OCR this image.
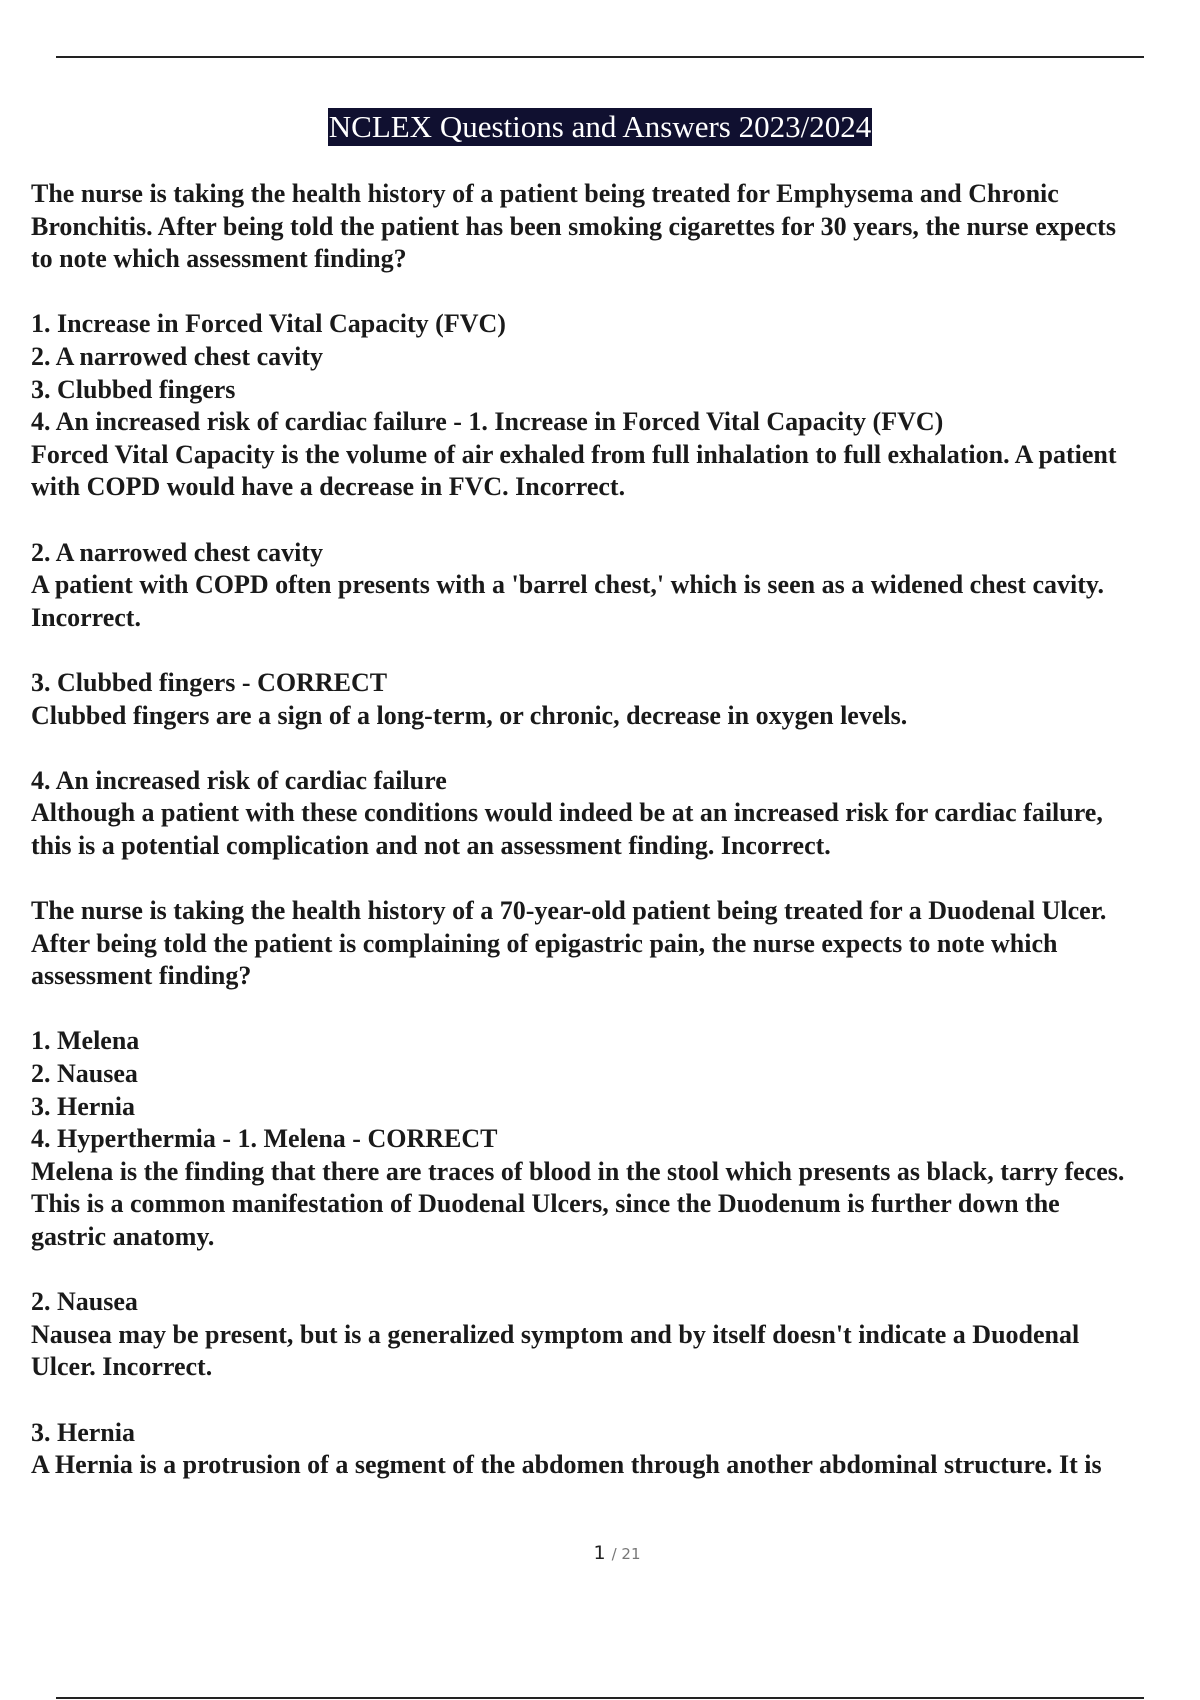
NCLEX Questions and Answers 2023/2024

The nurse is taking the health history of a patient being treated for Emphysema and Chronic

Bronchitis. After being told the patient has been smoking cigarettes for 30 years, the nurse expects

to note which assessment finding?

1. Increase in Forced Vital Capacity (FVC)

2. A narrowed chest cavity

3. Clubbed fingers

4. An increased risk of cardiac failure - 1. Increase in Forced Vital Capacity (FVC)

Forced Vital Capacity is the volume of air exhaled from full inhalation to full exhalation. A patient

with COPD would have a decrease in FVC. Incorrect.

2. A narrowed chest cavity

A patient with COPD often presents with a 'barrel chest,' which is seen as a widened chest cavity.

Incorrect.

3. Clubbed fingers - CORRECT

Clubbed fingers are a sign of a long-term, or chronic, decrease in oxygen levels.

4. An increased risk of cardiac failure

Although a patient with these conditions would indeed be at an increased risk for cardiac failure,

this is a potential complication and not an assessment finding. Incorrect.

The nurse is taking the health history of a 70-year-old patient being treated for a Duodenal Ulcer.

After being told the patient is complaining of epigastric pain, the nurse expects to note which

assessment finding?

1. Melena

2. Nausea

3. Hernia

4. Hyperthermia - 1. Melena - CORRECT

Melena is the finding that there are traces of blood in the stool which presents as black, tarry feces.

This is a common manifestation of Duodenal Ulcers, since the Duodenum is further down the

gastric anatomy.

2. Nausea

Nausea may be present, but is a generalized symptom and by itself doesn't indicate a Duodenal

Ulcer. Incorrect.

3. Hernia

A Hernia is a protrusion of a segment of the abdomen through another abdominal structure. It is

1 / 21
